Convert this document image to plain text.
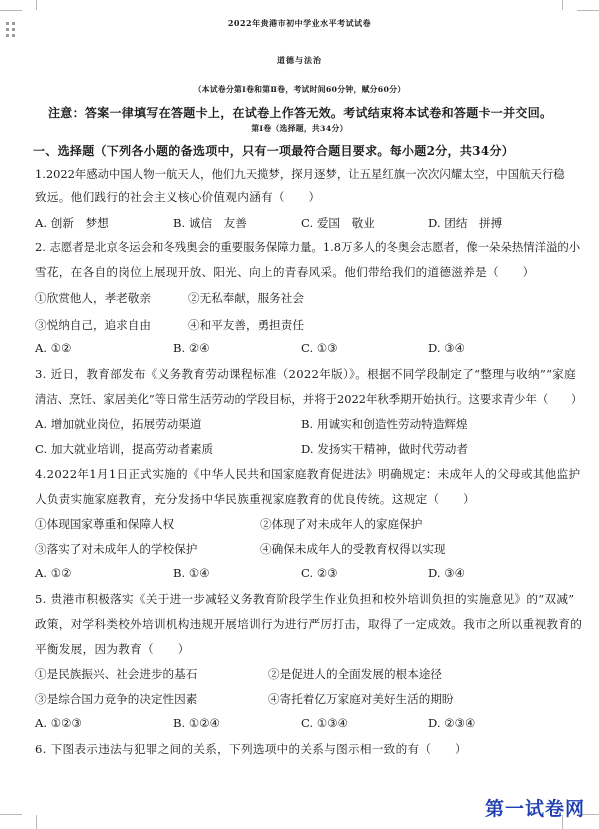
2022年贵港市初中学业水平考试试卷
道德与法治
（本试卷分第Ⅰ卷和第Ⅱ卷，考试时间60分钟，赋分60分）
注意：答案一律填写在答题卡上，在试卷上作答无效。考试结束将本试卷和答题卡一并交回。
第Ⅰ卷（选择题，共34分）
一、选择题（下列各小题的备选项中，只有一项最符合题目要求。每小题2分，共34分）
1.2022年感动中国人物一航天人，他们九天揽梦，探月逐梦，让五星红旗一次次闪耀太空，中国航天行稳
致远。他们践行的社会主义核心价值观内涵有（　　）
A. 创新　梦想	B. 诚信　友善	C. 爱国　敬业	D. 团结　拼搏
2. 志愿者是北京冬运会和冬残奥会的重要服务保障力量。1.8万多人的冬奥会志愿者，像一朵朵热情洋溢的小
雪花，在各自的岗位上展现开放、阳光、向上的青春风采。他们带给我们的道德滋养是（　　）
①欣赏他人，孝老敬亲	②无私奉献，服务社会
③悦纳自己，追求自由	④和平友善，勇担责任
A. ①②	B. ②④	C. ①③	D. ③④
3. 近日，教育部发布《义务教育劳动课程标准（2022年版）》。根据不同学段制定了“整理与收纳”“家庭
清洁、烹饪、家居美化”等日常生活劳动的学段目标，并将于2022年秋季期开始执行。这要求青少年（　　）
A. 增加就业岗位，拓展劳动渠道	B. 用诚实和创造性劳动特造辉煌
C. 加大就业培训，提高劳动者素质	D. 发扬实干精神，做时代劳动者
4.2022年1月1日正式实施的《中华人民共和国家庭教育促进法》明确规定：未成年人的父母或其他监护
人负责实施家庭教育，充分发扬中华民族重视家庭教育的优良传统。这规定（　　）
①体现国家尊重和保障人权	②体现了对未成年人的家庭保护
③落实了对未成年人的学校保护	④确保未成年人的受教育权得以实现
A. ①②	B. ①④	C. ②③	D. ③④
5. 贵港市积极落实《关于进一步减轻义务教育阶段学生作业负担和校外培训负担的实施意见》的“双减”
政策，对学科类校外培训机构违规开展培训行为进行严厉打击，取得了一定成效。我市之所以重视教育的
平衡发展，因为教育（　　）
①是民族振兴、社会进步的基石	②是促进人的全面发展的根本途径
③是综合国力竞争的决定性因素	④寄托着亿万家庭对美好生活的期盼
A. ①②③	B. ①②④	C. ①③④	D. ②③④
6. 下图表示违法与犯罪之间的关系，下列选项中的关系与图示相一致的有（　　）
第一试卷网
